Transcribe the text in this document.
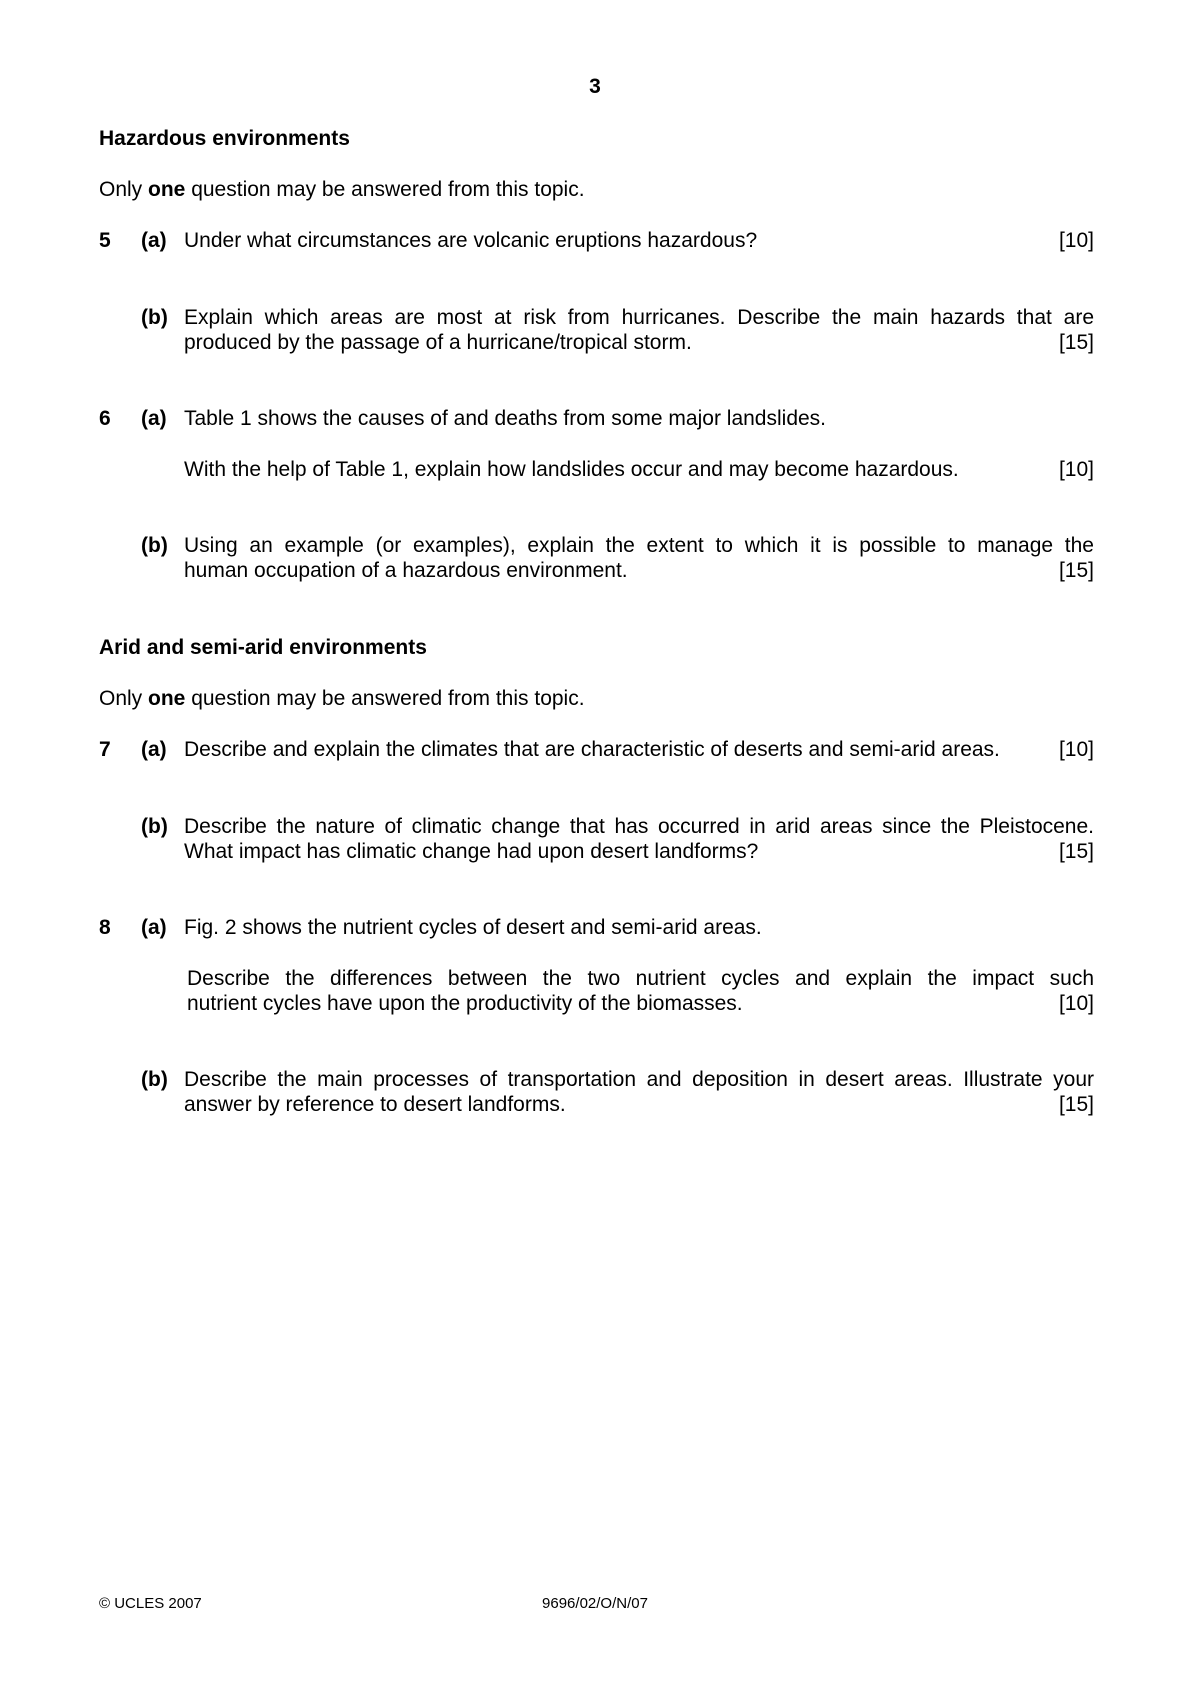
3
Hazardous environments
Only one question may be answered from this topic.
5 (a) Under what circumstances are volcanic eruptions hazardous?	[10]
(b) Explain which areas are most at risk from hurricanes. Describe the main hazards that are
produced by the passage of a hurricane/tropical storm.	[15]
6 (a) Table 1 shows the causes of and deaths from some major landslides.
With the help of Table 1, explain how landslides occur and may become hazardous.	[10]
(b) Using an example (or examples), explain the extent to which it is possible to manage the
human occupation of a hazardous environment.	[15]
Arid and semi-arid environments
Only one question may be answered from this topic.
7 (a) Describe and explain the climates that are characteristic of deserts and semi-arid areas.	[10]
(b) Describe the nature of climatic change that has occurred in arid areas since the Pleistocene.
What impact has climatic change had upon desert landforms?	[15]
8 (a) Fig. 2 shows the nutrient cycles of desert and semi-arid areas.
Describe the differences between the two nutrient cycles and explain the impact such
nutrient cycles have upon the productivity of the biomasses.	[10]
(b) Describe the main processes of transportation and deposition in desert areas. Illustrate your
answer by reference to desert landforms.	[15]
© UCLES 2007	9696/02/O/N/07
